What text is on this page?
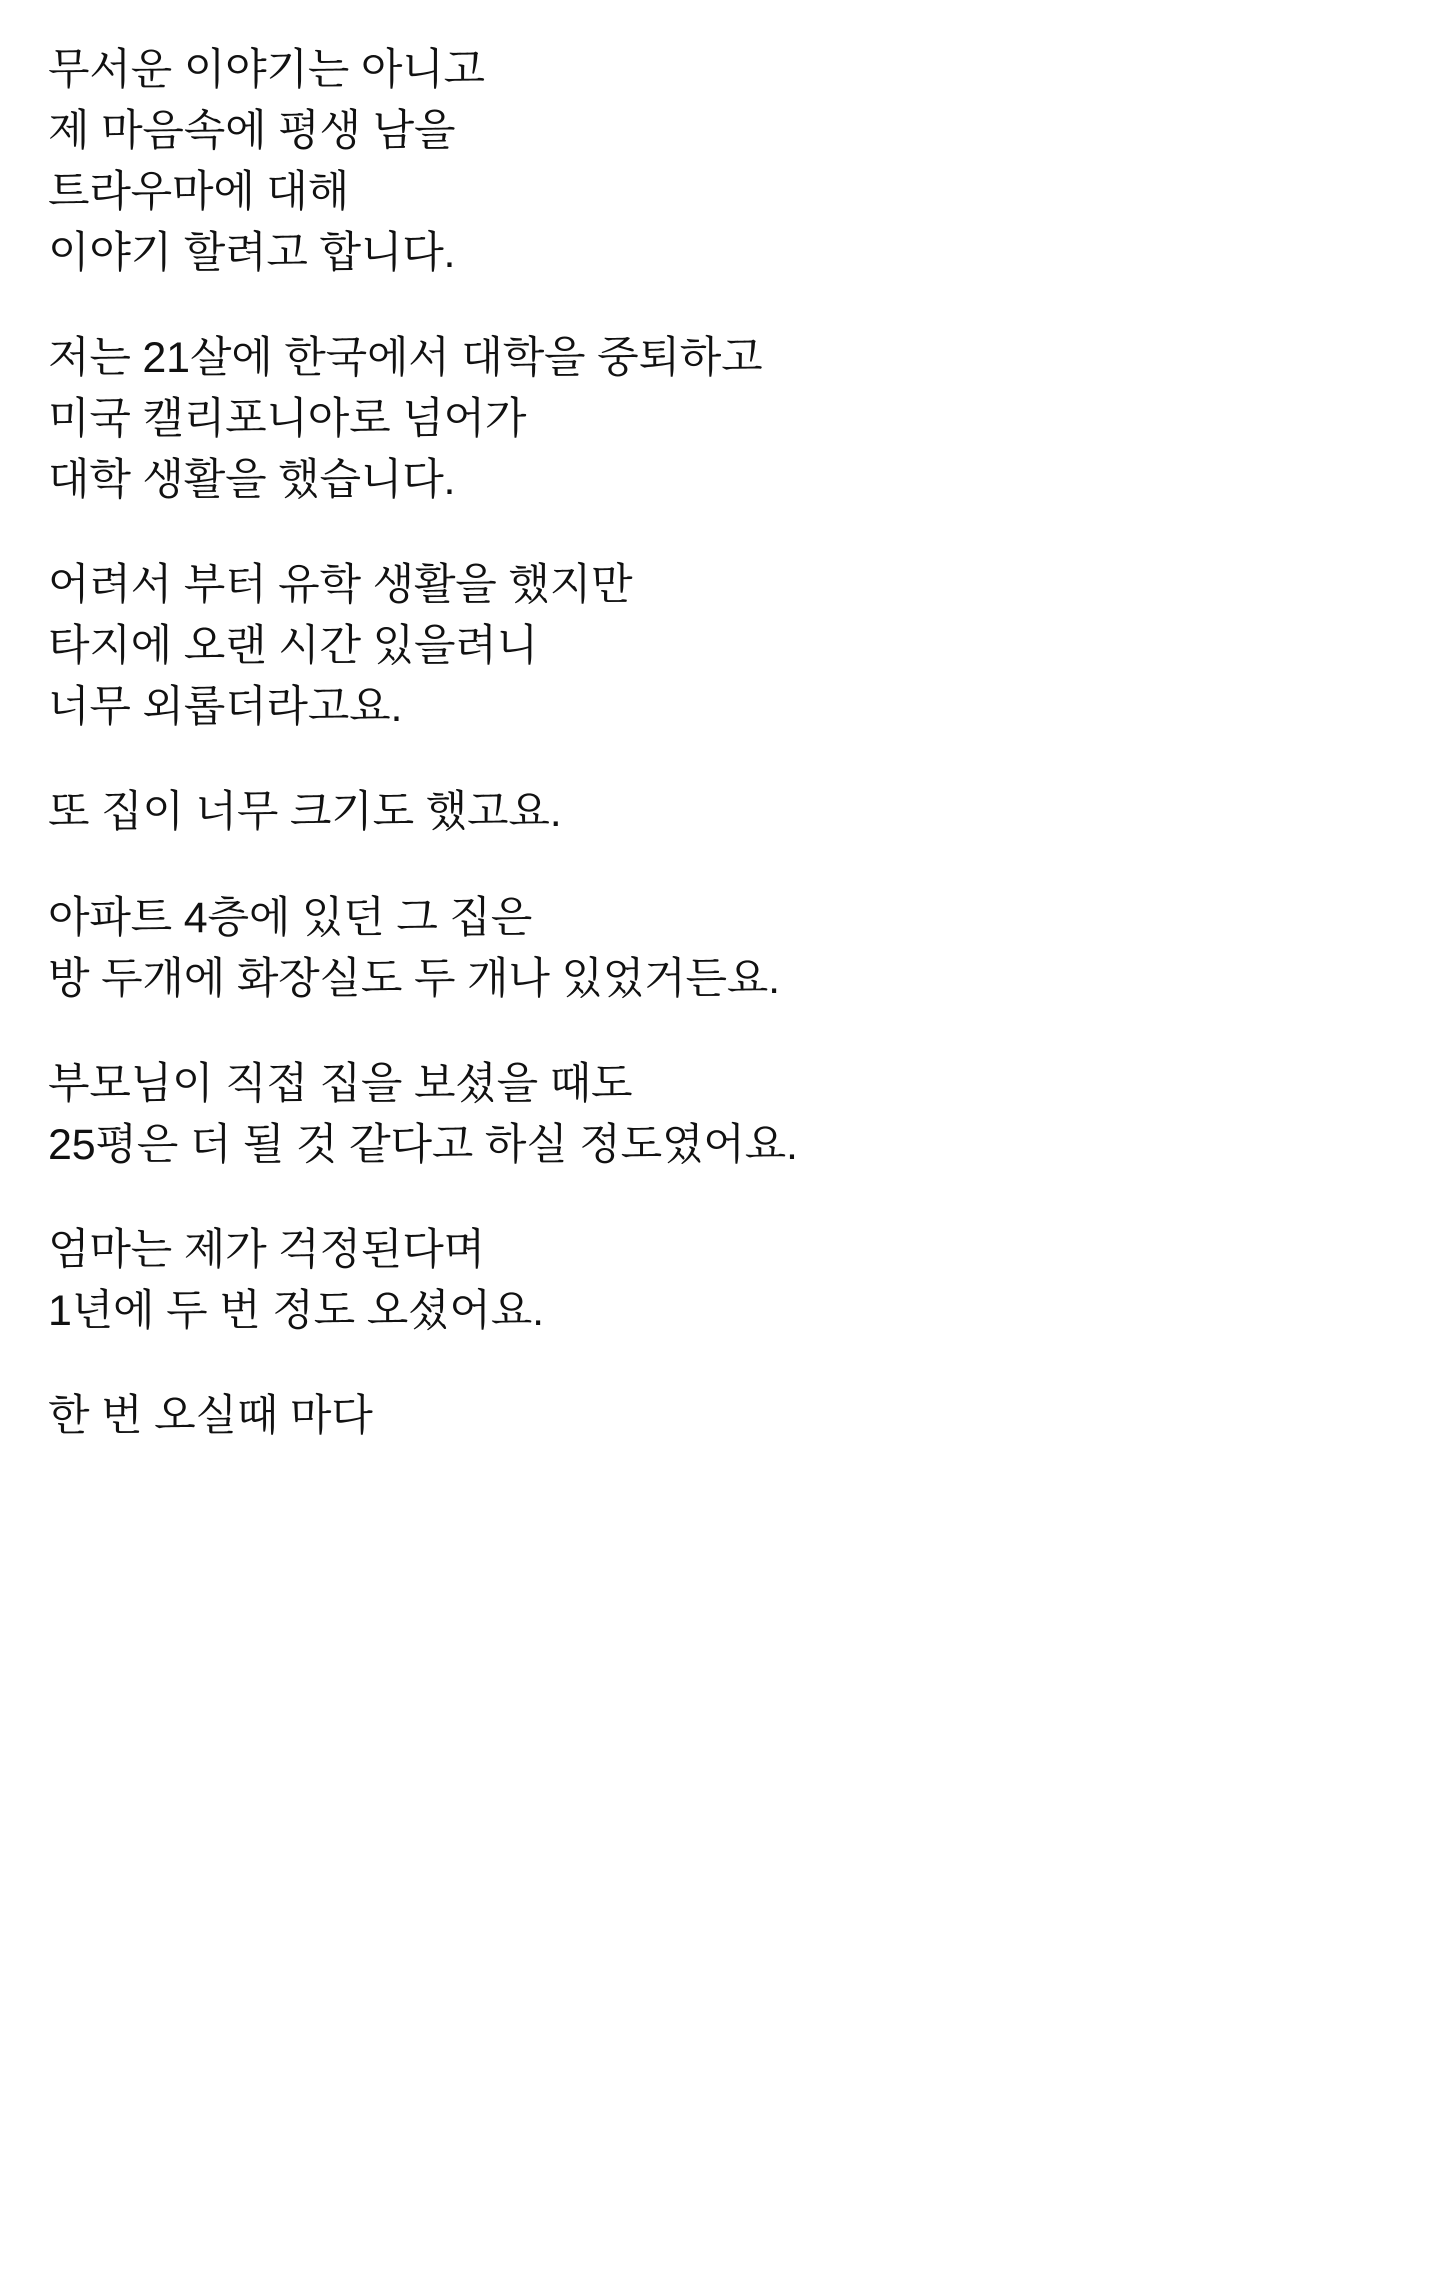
무서운 이야기는 아니고
제 마음속에 평생 남을
트라우마에 대해
이야기 할려고 합니다.
저는 21살에 한국에서 대학을 중퇴하고
미국 캘리포니아로 넘어가
대학 생활을 했습니다.
어려서 부터 유학 생활을 했지만
타지에 오랜 시간 있을려니
너무 외롭더라고요.
또 집이 너무 크기도 했고요.
아파트 4층에 있던 그 집은
방 두개에 화장실도 두 개나 있었거든요.
부모님이 직접 집을 보셨을 때도
25평은 더 될 것 같다고 하실 정도였어요.
엄마는 제가 걱정된다며
1년에 두 번 정도 오셨어요.
한 번 오실때 마다
